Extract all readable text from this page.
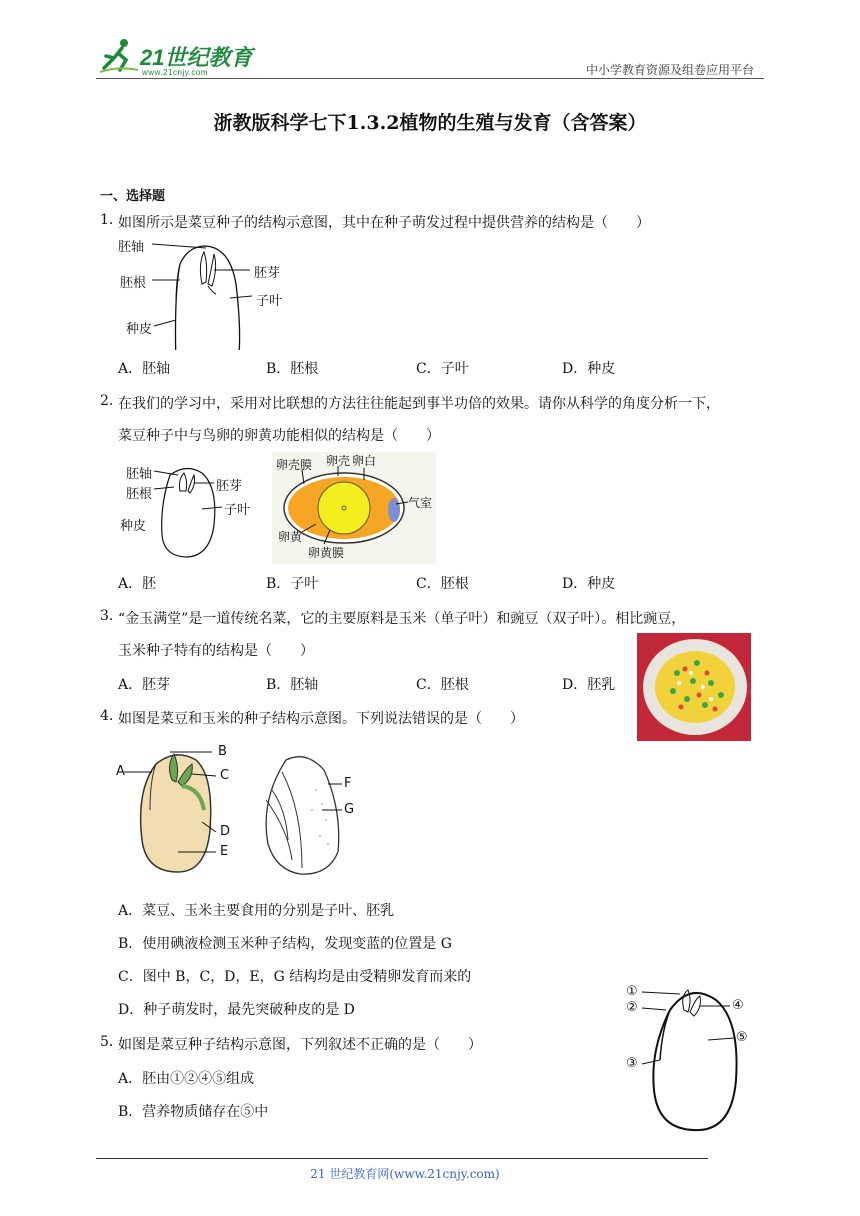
21世纪教育
www.21cnjy.com	中小学教育资源及组卷应用平台
浙教版科学七下1.3.2植物的生殖与发育（含答案）
一、选择题
1. 如图所示是菜豆种子的结构示意图，其中在种子萌发过程中提供营养的结构是（　　）
胚轴
胚根
种皮
胚芽
子叶
A．胚轴	B．胚根	C．子叶	D．种皮
2. 在我们的学习中，采用对比联想的方法往往能起到事半功倍的效果。请你从科学的角度分析一下，
菜豆种子中与鸟卵的卵黄功能相似的结构是（　　）
胚轴
胚根
种皮
胚芽
子叶
卵壳膜 卵壳 卵白
气室
卵黄
卵黄膜
A．胚	B．子叶	C．胚根	D．种皮
3. “金玉满堂”是一道传统名菜，它的主要原料是玉米（单子叶）和豌豆（双子叶）。相比豌豆，
玉米种子特有的结构是（　　）
A．胚芽	B．胚轴	C．胚根	D．胚乳
4. 如图是菜豆和玉米的种子结构示意图。下列说法错误的是（　　）
A
B
C
D
E
F
G
A．菜豆、玉米主要食用的分别是子叶、胚乳
B．使用碘液检测玉米种子结构，发现变蓝的位置是 G
C．图中 B，C，D，E，G 结构均是由受精卵发育而来的
D．种子萌发时，最先突破种皮的是 D
5. 如图是菜豆种子结构示意图，下列叙述不正确的是（　　）
A．胚由①②④⑤组成
B．营养物质储存在⑤中
①
②
③
④
⑤
21 世纪教育网(www.21cnjy.com)
